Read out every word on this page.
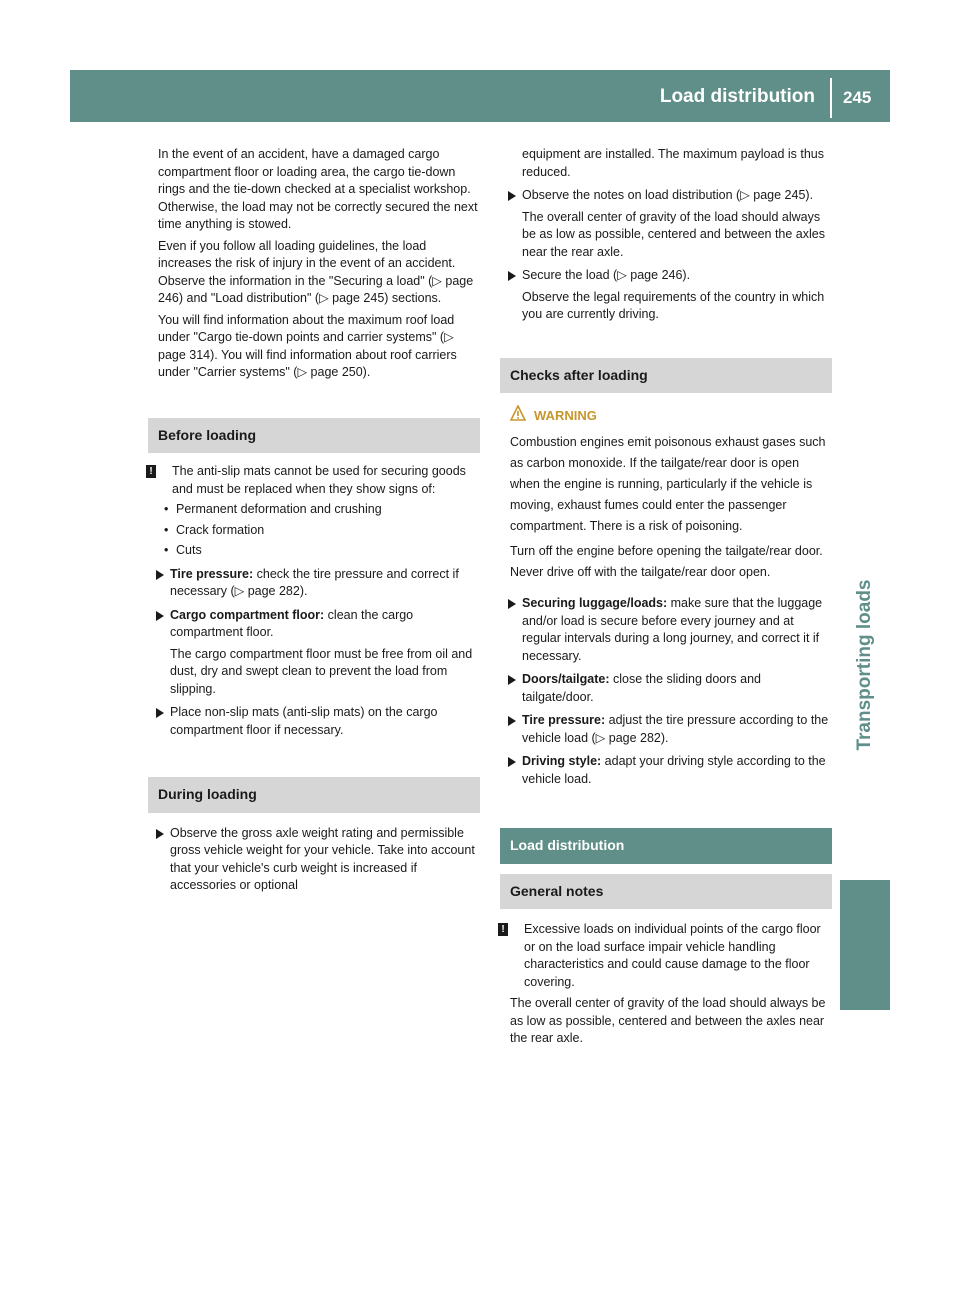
Load distribution 245
Transporting loads

In the event of an accident, have a damaged cargo compartment floor or loading area, the cargo tie-down rings and the tie-down checked at a specialist workshop. Otherwise, the load may not be correctly secured the next time anything is stowed.

Even if you follow all loading guidelines, the load increases the risk of injury in the event of an accident. Observe the information in the "Securing a load" (▷ page 246) and "Load distribution" (▷ page 245) sections.

You will find information about the maximum roof load under "Cargo tie-down points and carrier systems" (▷ page 314). You will find information about roof carriers under "Carrier systems" (▷ page 250).

Before loading
! The anti-slip mats cannot be used for securing goods and must be replaced when they show signs of:
• Permanent deformation and crushing
• Crack formation
• Cuts
Tire pressure: check the tire pressure and correct if necessary (▷ page 282).
Cargo compartment floor: clean the cargo compartment floor.

The cargo compartment floor must be free from oil and dust, dry and swept clean to prevent the load from slipping.

Place non-slip mats (anti-slip mats) on the cargo compartment floor if necessary.
During loading
Observe the gross axle weight rating and permissible gross vehicle weight for your vehicle. Take into account that your vehicle's curb weight is increased if accessories or optional

equipment are installed. The maximum payload is thus reduced.

Observe the notes on load distribution (▷ page 245).

The overall center of gravity of the load should always be as low as possible, centered and between the axles near the rear axle.

Secure the load (▷ page 246).

Observe the legal requirements of the country in which you are currently driving.

Checks after loading
WARNING

Combustion engines emit poisonous exhaust gases such as carbon monoxide. If the tailgate/rear door is open when the engine is running, particularly if the vehicle is moving, exhaust fumes could enter the passenger compartment. There is a risk of poisoning.

Turn off the engine before opening the tailgate/rear door. Never drive off with the tailgate/rear door open.

Securing luggage/loads: make sure that the luggage and/or load is secure before every journey and at regular intervals during a long journey, and correct it if necessary.
Doors/tailgate: close the sliding doors and tailgate/door.
Tire pressure: adjust the tire pressure according to the vehicle load (▷ page 282).
Driving style: adapt your driving style according to the vehicle load.
Load distribution
General notes
! Excessive loads on individual points of the cargo floor or on the load surface impair vehicle handling characteristics and could cause damage to the floor covering.

The overall center of gravity of the load should always be as low as possible, centered and between the axles near the rear axle.
